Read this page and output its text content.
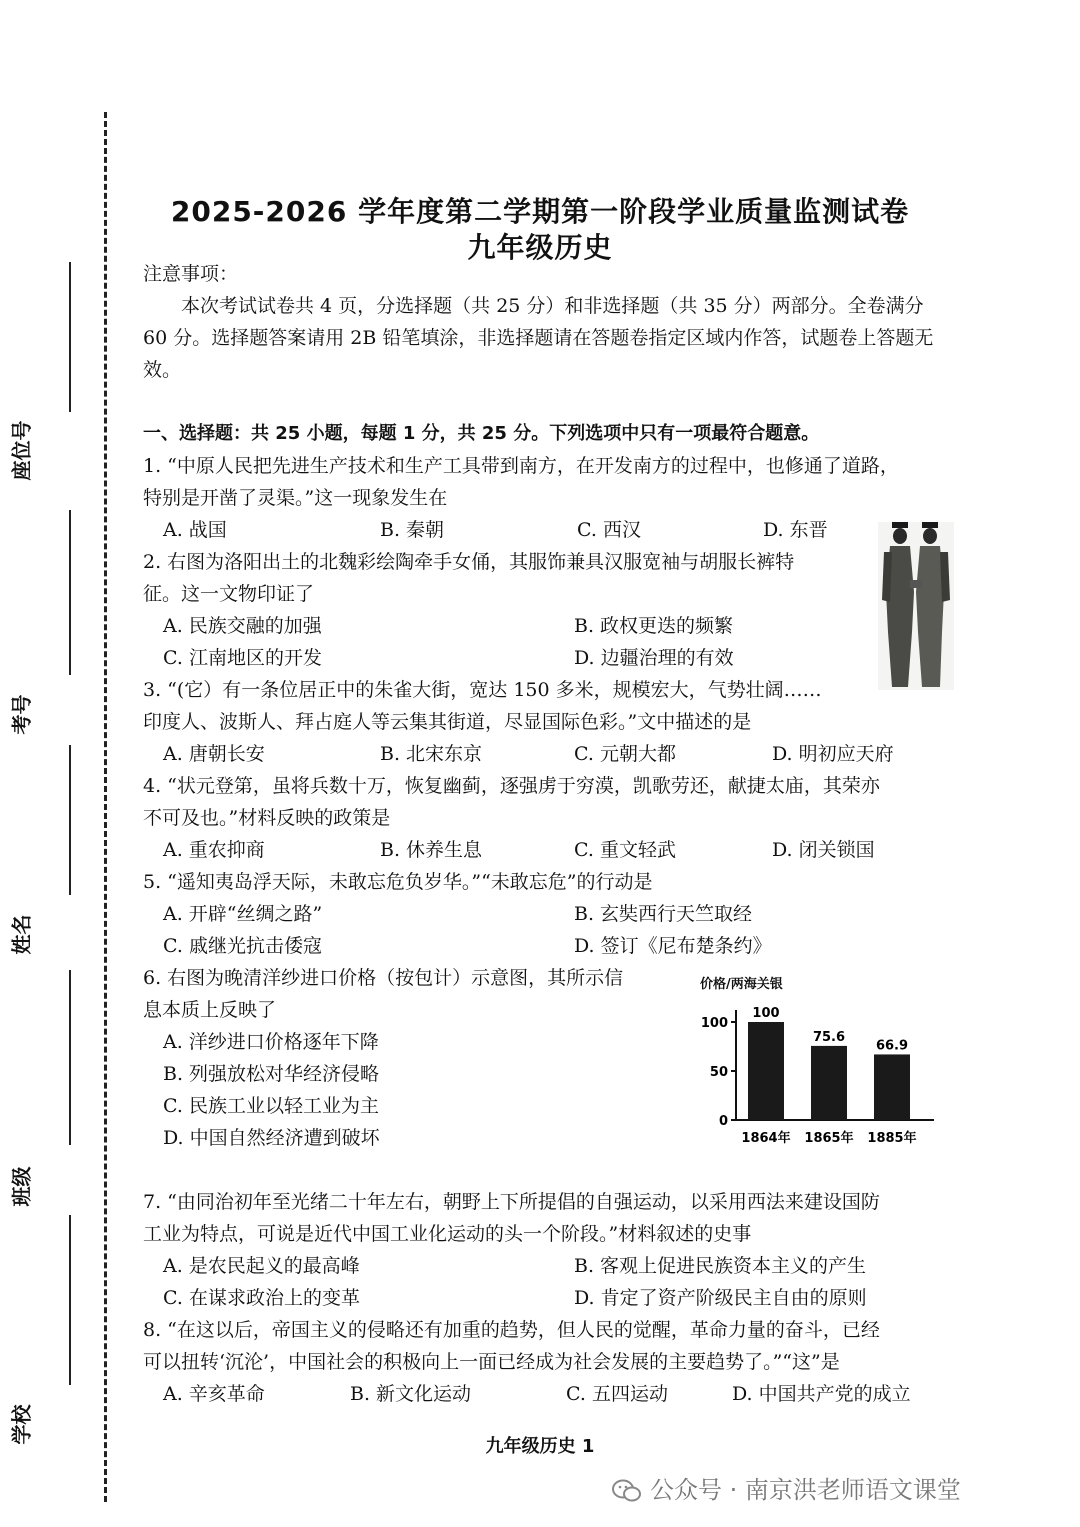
座位号
考号
姓名
班级
学校
2025-2026 学年度第二学期第一阶段学业质量监测试卷
九年级历史
注意事项：
本次考试试卷共 4 页，分选择题（共 25 分）和非选择题（共 35 分）两部分。全卷满分 60 分。选择题答案请用 2B 铅笔填涂，非选择题请在答题卷指定区域内作答，试题卷上答题无效。
一、选择题：共 25 小题，每题 1 分，共 25 分。下列选项中只有一项最符合题意。
1. “中原人民把先进生产技术和生产工具带到南方，在开发南方的过程中，也修通了道路，
特别是开凿了灵渠。”这一现象发生在
A. 战国	B. 秦朝	C. 西汉	D. 东晋
2. 右图为洛阳出土的北魏彩绘陶牵手女俑，其服饰兼具汉服宽袖与胡服长裤特
征。这一文物印证了
A. 民族交融的加强	B. 政权更迭的频繁
C. 江南地区的开发	D. 边疆治理的有效
3. “(它）有一条位居正中的朱雀大街，宽达 150 多米，规模宏大，气势壮阔……
印度人、波斯人、拜占庭人等云集其街道，尽显国际色彩。”文中描述的是
A. 唐朝长安	B. 北宋东京	C. 元朝大都	D. 明初应天府
4. “状元登第，虽将兵数十万，恢复幽蓟，逐强虏于穷漠，凯歌劳还，献捷太庙，其荣亦
不可及也。”材料反映的政策是
A. 重农抑商	B. 休养生息	C. 重文轻武	D. 闭关锁国
5. “遥知夷岛浮天际，未敢忘危负岁华。”“未敢忘危”的行动是
A. 开辟“丝绸之路”	B. 玄奘西行天竺取经
C. 戚继光抗击倭寇	D. 签订《尼布楚条约》
6. 右图为晚清洋纱进口价格（按包计）示意图，其所示信
息本质上反映了
A. 洋纱进口价格逐年下降
B. 列强放松对华经济侵略
C. 民族工业以轻工业为主
D. 中国自然经济遭到破坏
价格/两海关银
0
50
100
100
1864年
75.6
1865年
66.9
1885年
7. “由同治初年至光绪二十年左右，朝野上下所提倡的自强运动，以采用西法来建设国防
工业为特点，可说是近代中国工业化运动的头一个阶段。”材料叙述的史事
A. 是农民起义的最高峰	B. 客观上促进民族资本主义的产生
C. 在谋求政治上的变革	D. 肯定了资产阶级民主自由的原则
8. “在这以后，帝国主义的侵略还有加重的趋势，但人民的觉醒，革命力量的奋斗，已经
可以扭转‘沉沦’，中国社会的积极向上一面已经成为社会发展的主要趋势了。”“这”是
A. 辛亥革命	B. 新文化运动	C. 五四运动	D. 中国共产党的成立
九年级历史 1
公众号 · 南京洪老师语文课堂
